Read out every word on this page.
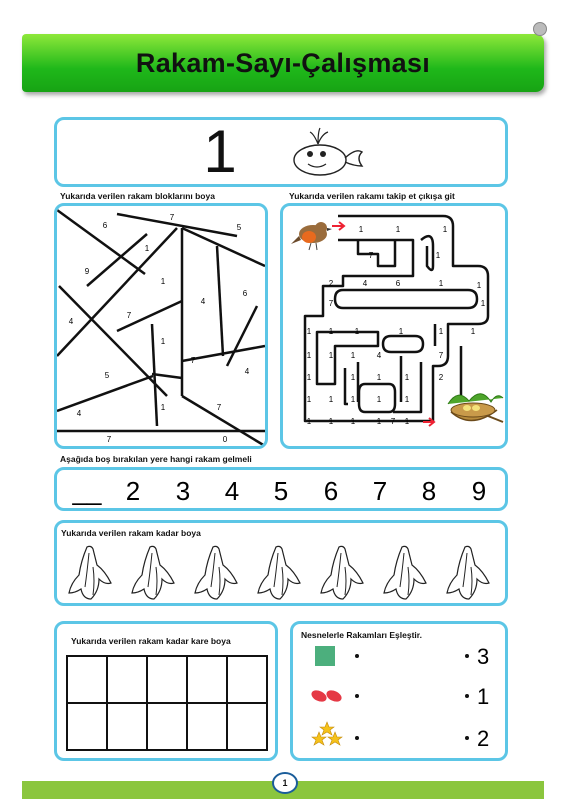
Rakam-Sayı-Çalışması
1
Yukarıda verilen rakam bloklarını boya	Yukarıda verilen rakamı takip et çıkışa git
6
7
5
1
9
1
6
4
7
4
1
7
4
5
1	7
4
7	0
1	1	1
7	1
2	4	6	1	1
7	1
1 1	1	1	1	1
1	1	4	7
1	1	1	1	2
1	1	1
1 1 1	1	1
1
1
7
1
Aşağıda boş bırakılan yere hangi rakam gelmeli
__ 2 3 4 5 6 7 8 9
Yukarıda verilen rakam kadar boya
Yukarıda verilen rakam kadar kare boya
Nesnelerle Rakamları Eşleştir.
3
1
2
1
